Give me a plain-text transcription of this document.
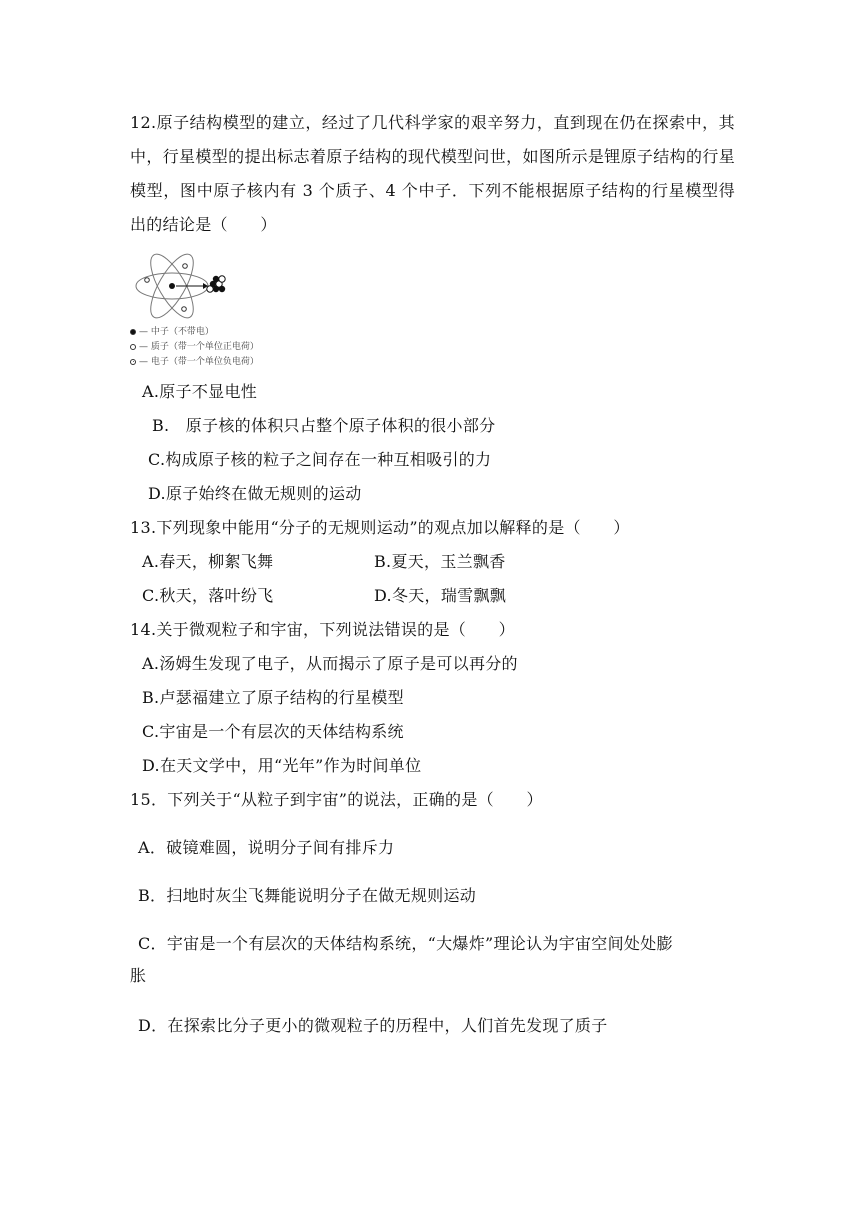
12.原子结构模型的建立，经过了几代科学家的艰辛努力，直到现在仍在探索中，其中，行星模型的提出标志着原子结构的现代模型问世，如图所示是锂原子结构的行星模型，图中原子核内有 3 个质子、4 个中子．下列不能根据原子结构的行星模型得出的结论是（　　）
— 中子（不带电）
— 质子（带一个单位正电荷）
— 电子（带一个单位负电荷）
A.原子不显电性
B.　原子核的体积只占整个原子体积的很小部分
C.构成原子核的粒子之间存在一种互相吸引的力
D.原子始终在做无规则的运动
13.下列现象中能用“分子的无规则运动”的观点加以解释的是（　　）
A.春天，柳絮飞舞	B.夏天，玉兰飘香
C.秋天，落叶纷飞	D.冬天，瑞雪飘飘
14.关于微观粒子和宇宙，下列说法错误的是（　　）
A.汤姆生发现了电子，从而揭示了原子是可以再分的
B.卢瑟福建立了原子结构的行星模型
C.宇宙是一个有层次的天体结构系统
D.在天文学中，用“光年”作为时间单位
15．下列关于“从粒子到宇宙”的说法，正确的是（　　）
A．破镜难圆，说明分子间有排斥力
B．扫地时灰尘飞舞能说明分子在做无规则运动
C．宇宙是一个有层次的天体结构系统，“大爆炸”理论认为宇宙空间处处膨
胀
D．在探索比分子更小的微观粒子的历程中，人们首先发现了质子
